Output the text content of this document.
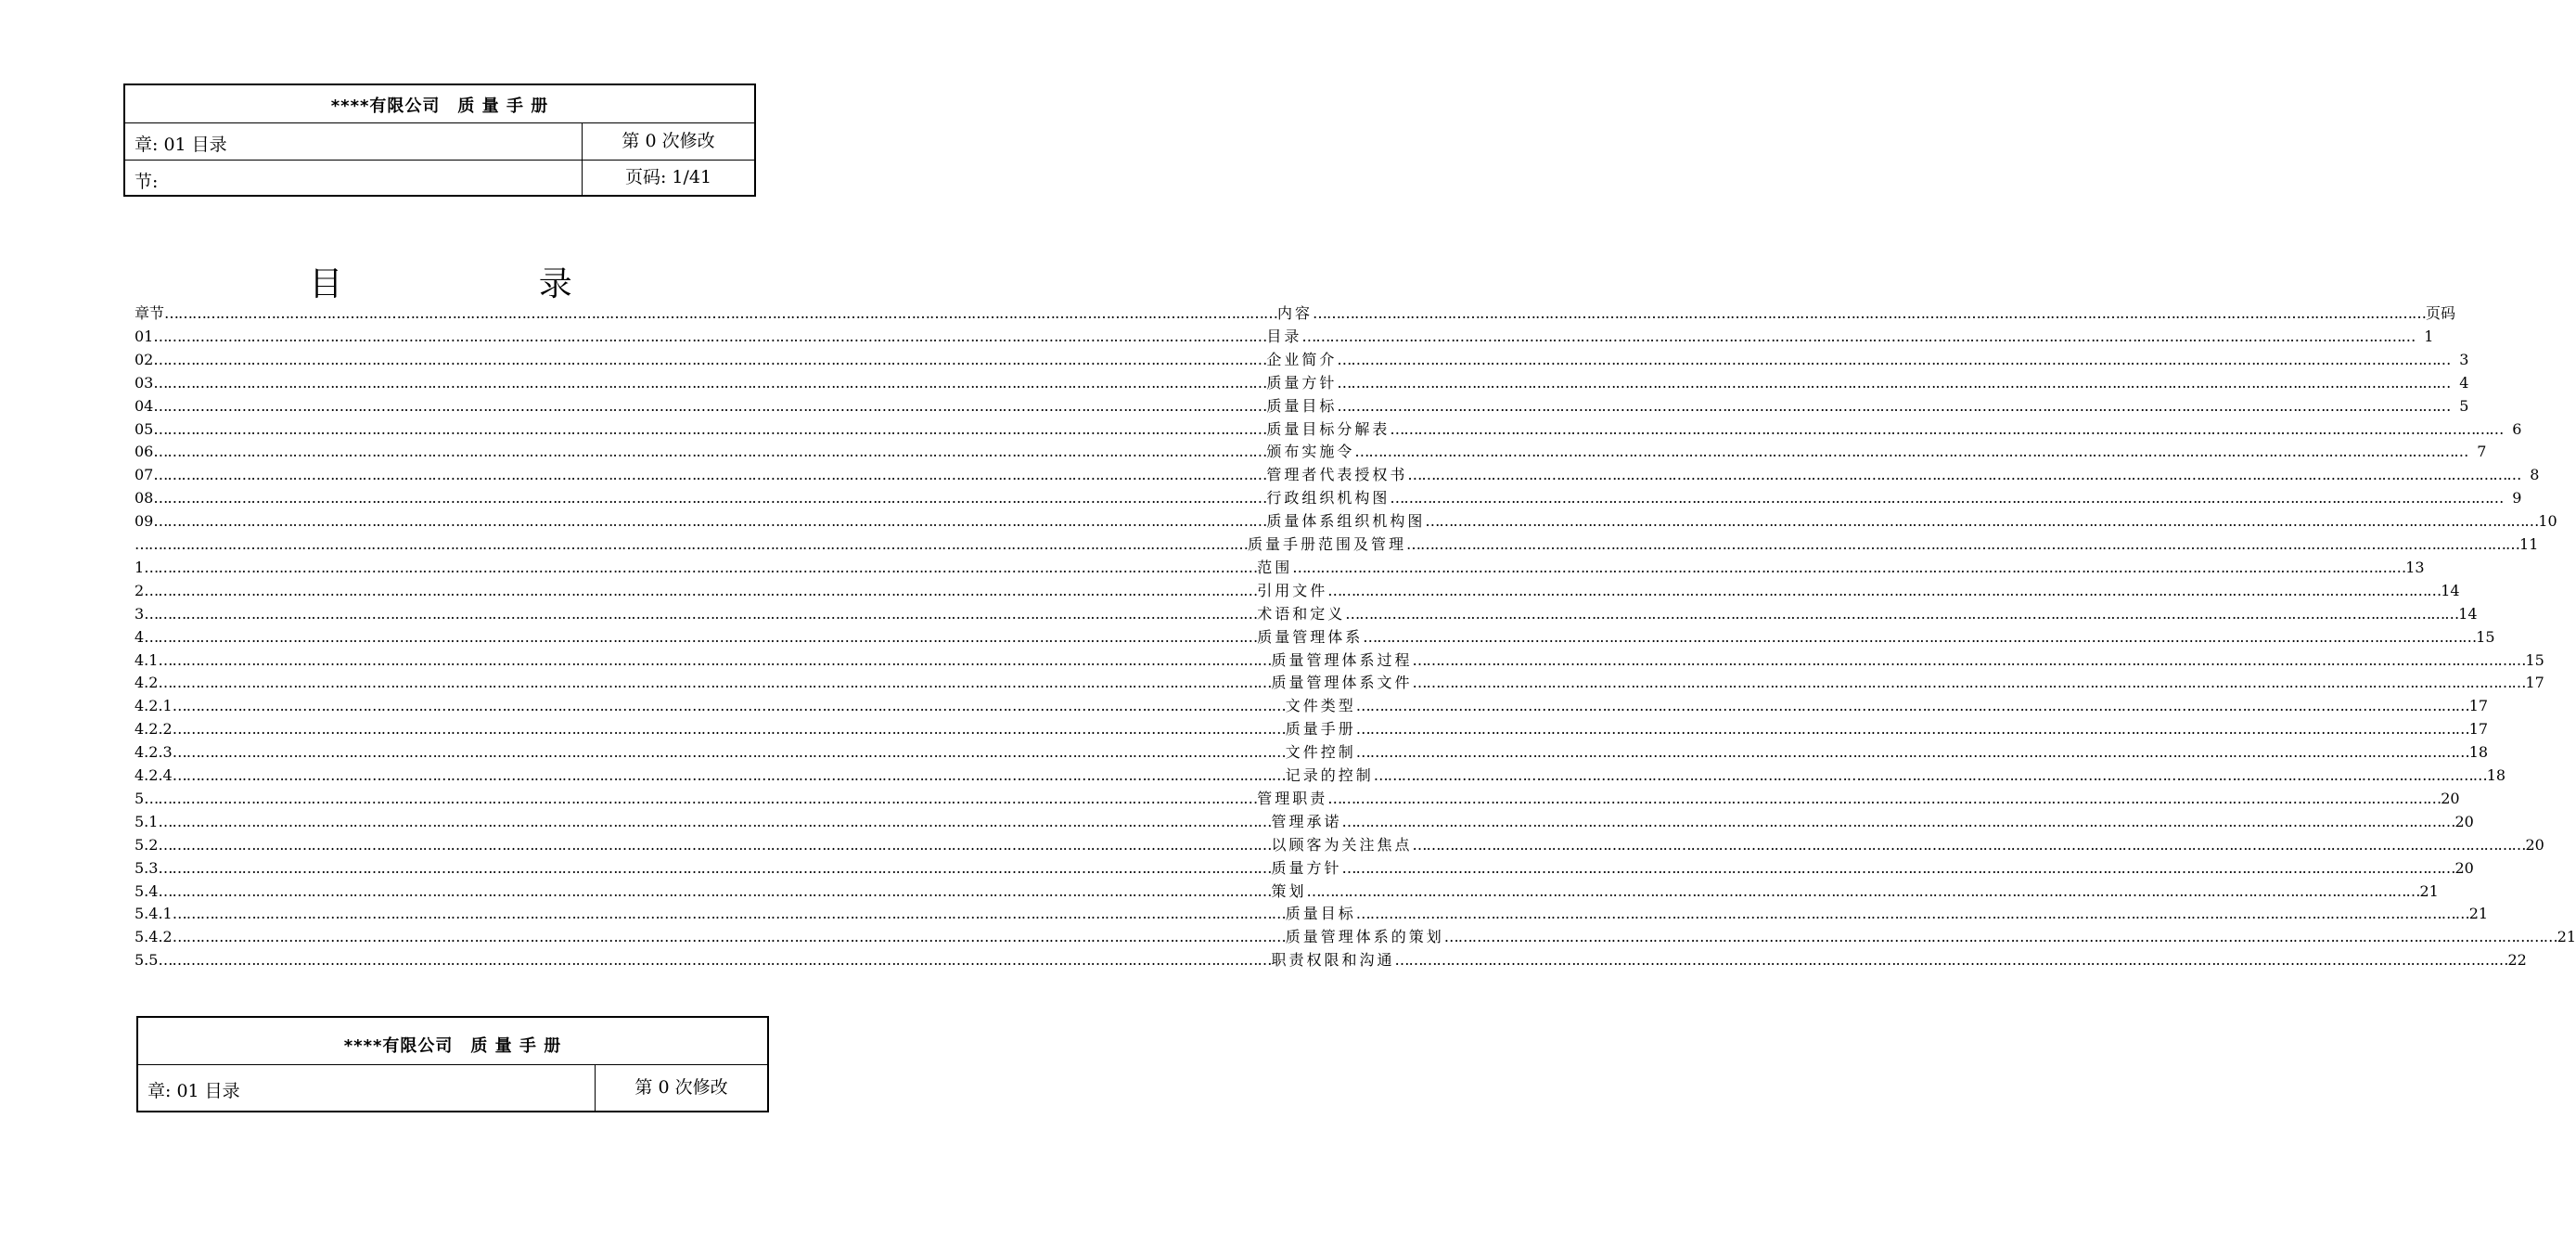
****有限公司　质 量 手 册
章: 01 目录	第 0 次修改
节:	页码: 1/41
目 录
章节 …………………………………………………………………………………………………………………………………………………………………………………………………………………… 内容 …………………………………………………………………………………………………………………………………………………………………………………………………………………… 页码
01 …………………………………………………………………………………………………………………………………………………………………………………………………………………… 目录 …………………………………………………………………………………………………………………………………………………………………………………………………………………… 1
02 …………………………………………………………………………………………………………………………………………………………………………………………………………………… 企业简介 …………………………………………………………………………………………………………………………………………………………………………………………………………………… 3
03 …………………………………………………………………………………………………………………………………………………………………………………………………………………… 质量方针 …………………………………………………………………………………………………………………………………………………………………………………………………………………… 4
04 …………………………………………………………………………………………………………………………………………………………………………………………………………………… 质量目标 …………………………………………………………………………………………………………………………………………………………………………………………………………………… 5
05 …………………………………………………………………………………………………………………………………………………………………………………………………………………… 质量目标分解表 …………………………………………………………………………………………………………………………………………………………………………………………………………………… 6
06 …………………………………………………………………………………………………………………………………………………………………………………………………………………… 颁布实施令 …………………………………………………………………………………………………………………………………………………………………………………………………………………… 7
07 …………………………………………………………………………………………………………………………………………………………………………………………………………………… 管理者代表授权书 …………………………………………………………………………………………………………………………………………………………………………………………………………………… 8
08 …………………………………………………………………………………………………………………………………………………………………………………………………………………… 行政组织机构图 …………………………………………………………………………………………………………………………………………………………………………………………………………………… 9
09 …………………………………………………………………………………………………………………………………………………………………………………………………………………… 质量体系组织机构图 …………………………………………………………………………………………………………………………………………………………………………………………………………………… 10
…………………………………………………………………………………………………………………………………………………………………………………………………………………… 质量手册范围及管理 …………………………………………………………………………………………………………………………………………………………………………………………………………………… 11
1 …………………………………………………………………………………………………………………………………………………………………………………………………………………… 范围 …………………………………………………………………………………………………………………………………………………………………………………………………………………… 13
2 …………………………………………………………………………………………………………………………………………………………………………………………………………………… 引用文件 …………………………………………………………………………………………………………………………………………………………………………………………………………………… 14
3 …………………………………………………………………………………………………………………………………………………………………………………………………………………… 术语和定义 …………………………………………………………………………………………………………………………………………………………………………………………………………………… 14
4 …………………………………………………………………………………………………………………………………………………………………………………………………………………… 质量管理体系 …………………………………………………………………………………………………………………………………………………………………………………………………………………… 15
4.1 …………………………………………………………………………………………………………………………………………………………………………………………………………………… 质量管理体系过程 …………………………………………………………………………………………………………………………………………………………………………………………………………………… 15
4.2 …………………………………………………………………………………………………………………………………………………………………………………………………………………… 质量管理体系文件 …………………………………………………………………………………………………………………………………………………………………………………………………………………… 17
4.2.1 …………………………………………………………………………………………………………………………………………………………………………………………………………………… 文件类型 …………………………………………………………………………………………………………………………………………………………………………………………………………………… 17
4.2.2 …………………………………………………………………………………………………………………………………………………………………………………………………………………… 质量手册 …………………………………………………………………………………………………………………………………………………………………………………………………………………… 17
4.2.3 …………………………………………………………………………………………………………………………………………………………………………………………………………………… 文件控制 …………………………………………………………………………………………………………………………………………………………………………………………………………………… 18
4.2.4 …………………………………………………………………………………………………………………………………………………………………………………………………………………… 记录的控制 …………………………………………………………………………………………………………………………………………………………………………………………………………………… 18
5 …………………………………………………………………………………………………………………………………………………………………………………………………………………… 管理职责 …………………………………………………………………………………………………………………………………………………………………………………………………………………… 20
5.1 …………………………………………………………………………………………………………………………………………………………………………………………………………………… 管理承诺 …………………………………………………………………………………………………………………………………………………………………………………………………………………… 20
5.2 …………………………………………………………………………………………………………………………………………………………………………………………………………………… 以顾客为关注焦点 …………………………………………………………………………………………………………………………………………………………………………………………………………………… 20
5.3 …………………………………………………………………………………………………………………………………………………………………………………………………………………… 质量方针 …………………………………………………………………………………………………………………………………………………………………………………………………………………… 20
5.4 …………………………………………………………………………………………………………………………………………………………………………………………………………………… 策划 …………………………………………………………………………………………………………………………………………………………………………………………………………………… 21
5.4.1 …………………………………………………………………………………………………………………………………………………………………………………………………………………… 质量目标 …………………………………………………………………………………………………………………………………………………………………………………………………………………… 21
5.4.2 …………………………………………………………………………………………………………………………………………………………………………………………………………………… 质量管理体系的策划 …………………………………………………………………………………………………………………………………………………………………………………………………………………… 21
5.5 …………………………………………………………………………………………………………………………………………………………………………………………………………………… 职责权限和沟通 …………………………………………………………………………………………………………………………………………………………………………………………………………………… 22
****有限公司　质 量 手 册
章: 01 目录	第 0 次修改
